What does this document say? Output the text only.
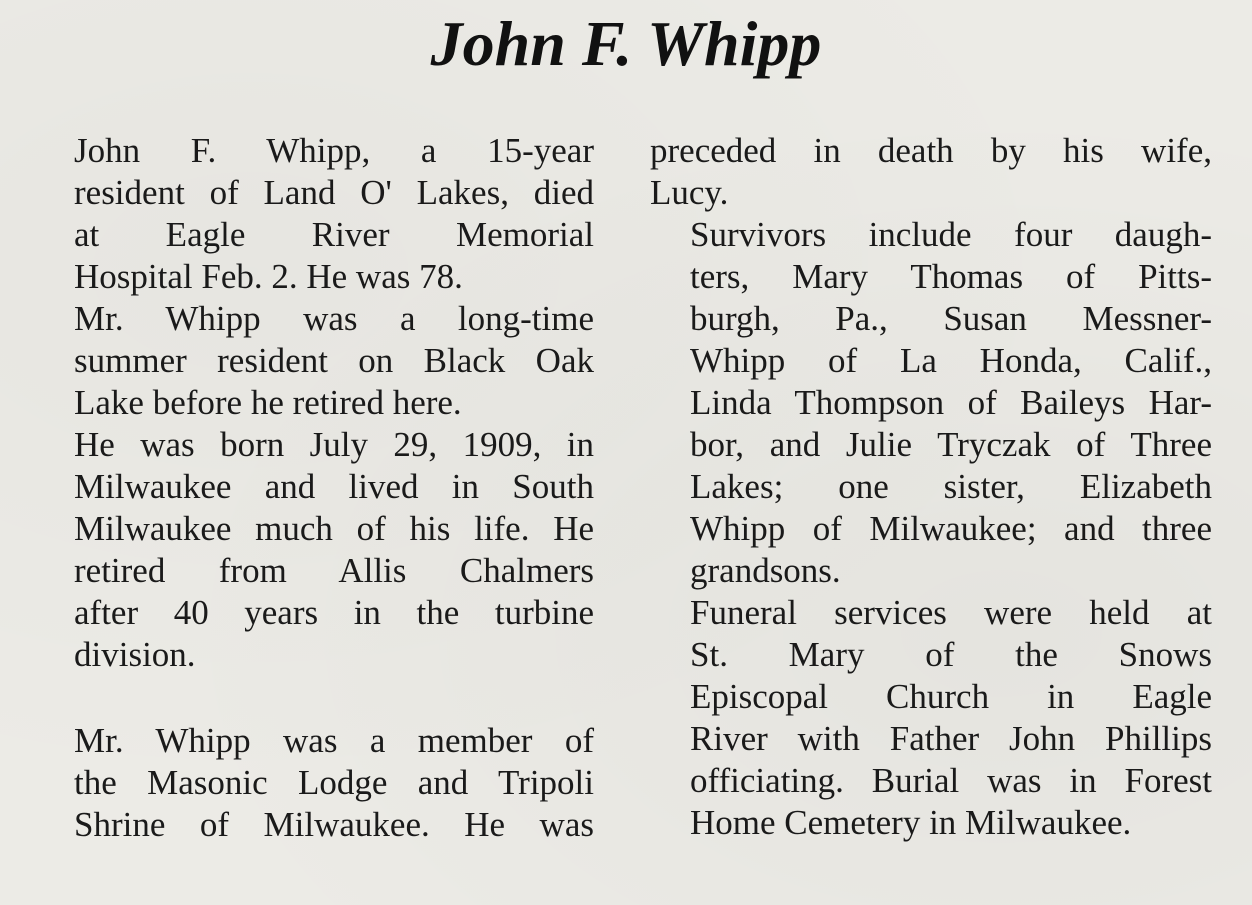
John F. Whipp

John F. Whipp, a 15-year
resident of Land O' Lakes, died
at Eagle River Memorial
Hospital Feb. 2. He was 78.

Mr. Whipp was a long-time
summer resident on Black Oak
Lake before he retired here.

He was born July 29, 1909, in
Milwaukee and lived in South
Milwaukee much of his life. He
retired from Allis Chalmers
after 40 years in the turbine
division.

Mr. Whipp was a member of
the Masonic Lodge and Tripoli
Shrine of Milwaukee. He was

preceded in death by his wife,
Lucy.

Survivors include four daugh-
ters, Mary Thomas of Pitts-
burgh, Pa., Susan Messner-
Whipp of La Honda, Calif.,
Linda Thompson of Baileys Har-
bor, and Julie Tryczak of Three
Lakes; one sister, Elizabeth
Whipp of Milwaukee; and three
grandsons.

Funeral services were held at
St. Mary of the Snows
Episcopal Church in Eagle
River with Father John Phillips
officiating. Burial was in Forest
Home Cemetery in Milwaukee.
